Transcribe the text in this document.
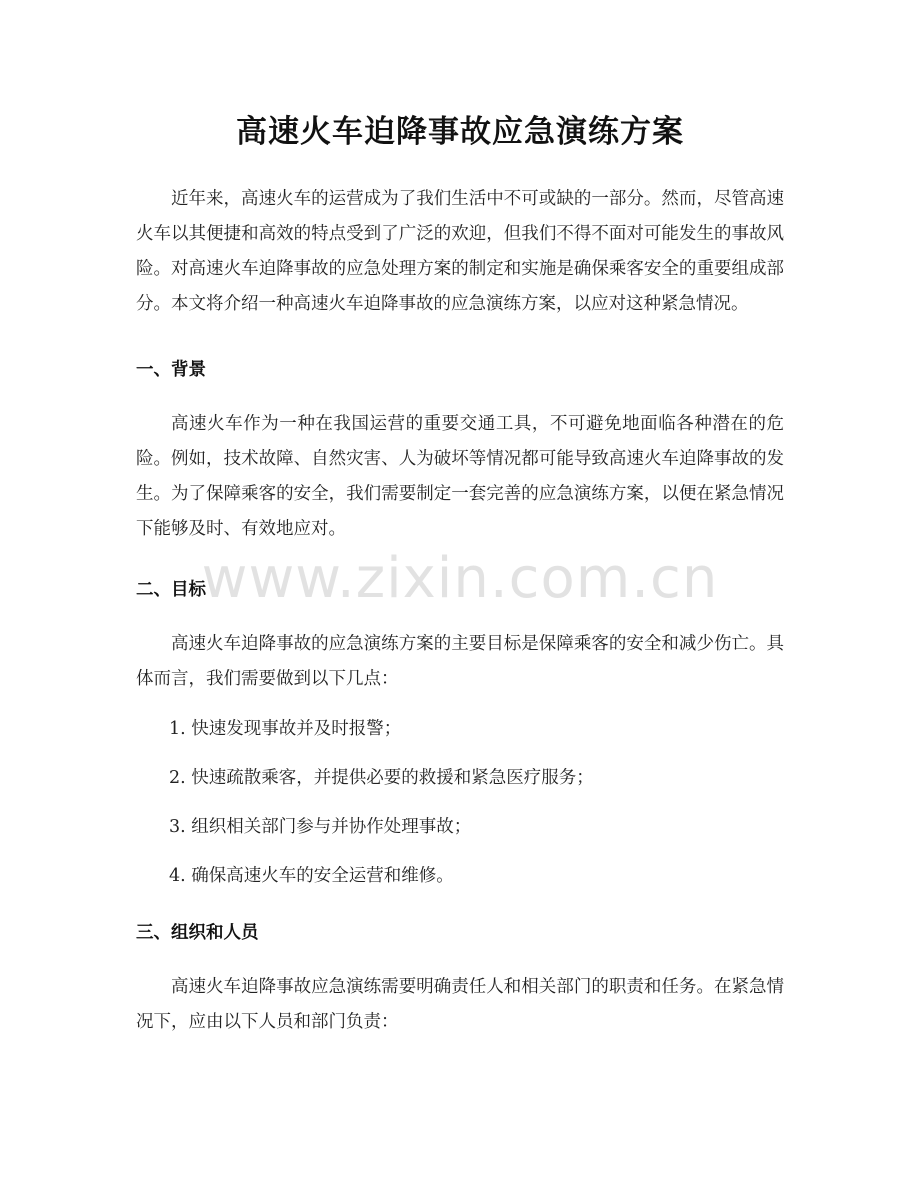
高速火车迫降事故应急演练方案

近年来，高速火车的运营成为了我们生活中不可或缺的一部分。然而，尽管高速火车以其便捷和高效的特点受到了广泛的欢迎，但我们不得不面对可能发生的事故风险。对高速火车迫降事故的应急处理方案的制定和实施是确保乘客安全的重要组成部分。本文将介绍一种高速火车迫降事故的应急演练方案，以应对这种紧急情况。

一、背景

高速火车作为一种在我国运营的重要交通工具，不可避免地面临各种潜在的危险。例如，技术故障、自然灾害、人为破坏等情况都可能导致高速火车迫降事故的发生。为了保障乘客的安全，我们需要制定一套完善的应急演练方案，以便在紧急情况下能够及时、有效地应对。

二、目标

高速火车迫降事故的应急演练方案的主要目标是保障乘客的安全和减少伤亡。具体而言，我们需要做到以下几点：

1. 快速发现事故并及时报警；

2. 快速疏散乘客，并提供必要的救援和紧急医疗服务；

3. 组织相关部门参与并协作处理事故；

4. 确保高速火车的安全运营和维修。

三、组织和人员

高速火车迫降事故应急演练需要明确责任人和相关部门的职责和任务。在紧急情况下，应由以下人员和部门负责：

www.zixin.com.cn
